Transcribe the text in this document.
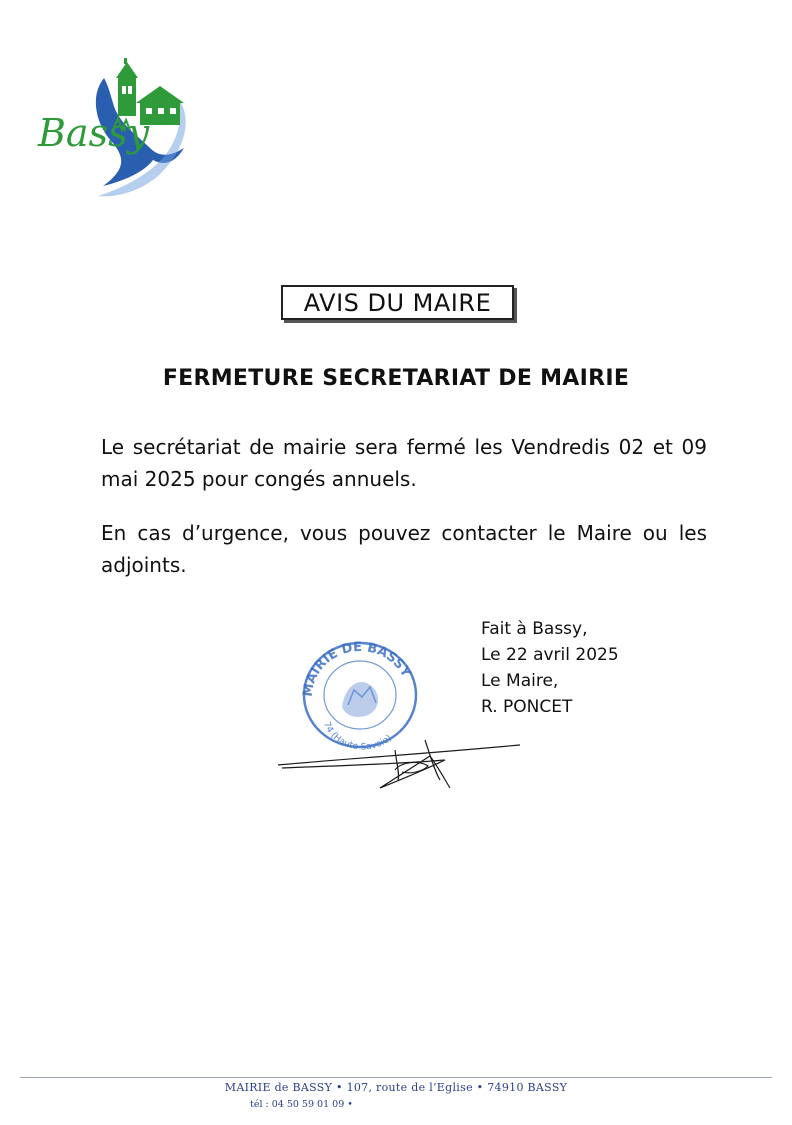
Bassy
AVIS DU MAIRE
FERMETURE SECRETARIAT DE MAIRIE

Le secrétariat de mairie sera fermé les Vendredis 02 et 09 mai 2025 pour congés annuels.

En cas d’urgence, vous pouvez contacter le Maire ou les adjoints.

MAIRIE DE BASSY
74 (Haute-Savoie)
Fait à Bassy,
Le 22 avril 2025
Le Maire,
R. PONCET
MAIRIE de BASSY • 107, route de l’Eglise • 74910 BASSY
tél : 04 50 59 01 09 •
